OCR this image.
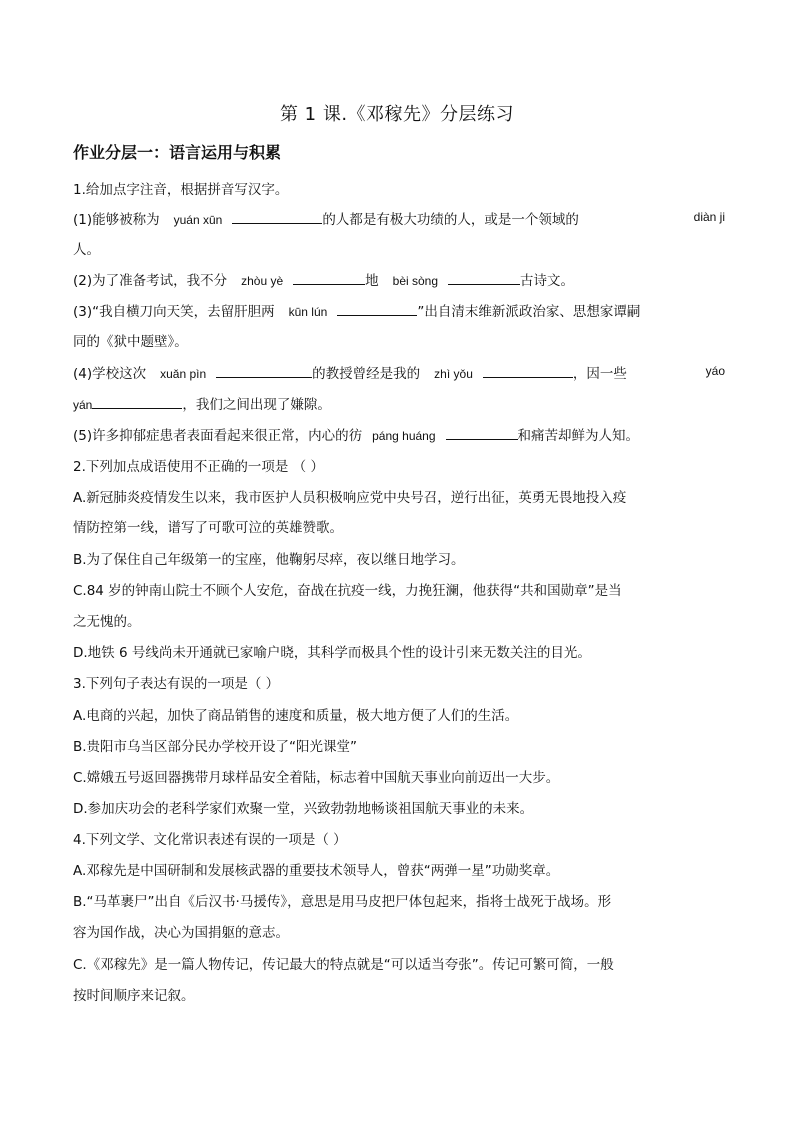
第 1 课.《邓稼先》分层练习
作业分层一：语言运用与积累
1.给加点字注音，根据拼音写汉字。
(1)能够被称为 yuán xūn	的人都是有极大功绩的人，或是一个领域的	diàn ji
人。
(2)为了准备考试，我不分 zhòu yè	地 bèi sòng	古诗文。
(3)“我自横刀向天笑，去留肝胆两 kūn lún	”出自清末维新派政治家、思想家谭嗣
同的《狱中题壁》。
(4)学校这次 xuǎn pìn	的教授曾经是我的 zhì yǒu	，因一些	yáo
yán	，我们之间出现了嫌隙。
(5)许多抑郁症患者表面看起来很正常，内心的彷 páng huáng	和痛苦却鲜为人知。
2.下列加点成语使用不正确的一项是 （ ）
A.新冠肺炎疫情发生以来，我市医护人员积极响应党中央号召，逆行出征，英勇无畏地投入疫
情防控第一线，谱写了可歌可泣的英雄赞歌。
B.为了保住自己年级第一的宝座，他鞠躬尽瘁，夜以继日地学习。
C.84 岁的钟南山院士不顾个人安危，奋战在抗疫一线，力挽狂澜，他获得“共和国勋章”是当
之无愧的。
D.地铁 6 号线尚未开通就已家喻户晓，其科学而极具个性的设计引来无数关注的目光。
3.下列句子表达有误的一项是（ ）
A.电商的兴起，加快了商品销售的速度和质量，极大地方便了人们的生活。
B.贵阳市乌当区部分民办学校开设了“阳光课堂”
C.嫦娥五号返回器携带月球样品安全着陆，标志着中国航天事业向前迈出一大步。
D.参加庆功会的老科学家们欢聚一堂，兴致勃勃地畅谈祖国航天事业的未来。
4.下列文学、文化常识表述有误的一项是（ ）
A.邓稼先是中国研制和发展核武器的重要技术领导人，曾获“两弹一星”功勋奖章。
B.“马革裹尸”出自《后汉书·马援传》，意思是用马皮把尸体包起来，指将士战死于战场。形
容为国作战，决心为国捐躯的意志。
C.《邓稼先》是一篇人物传记，传记最大的特点就是“可以适当夸张”。传记可繁可简，一般
按时间顺序来记叙。
